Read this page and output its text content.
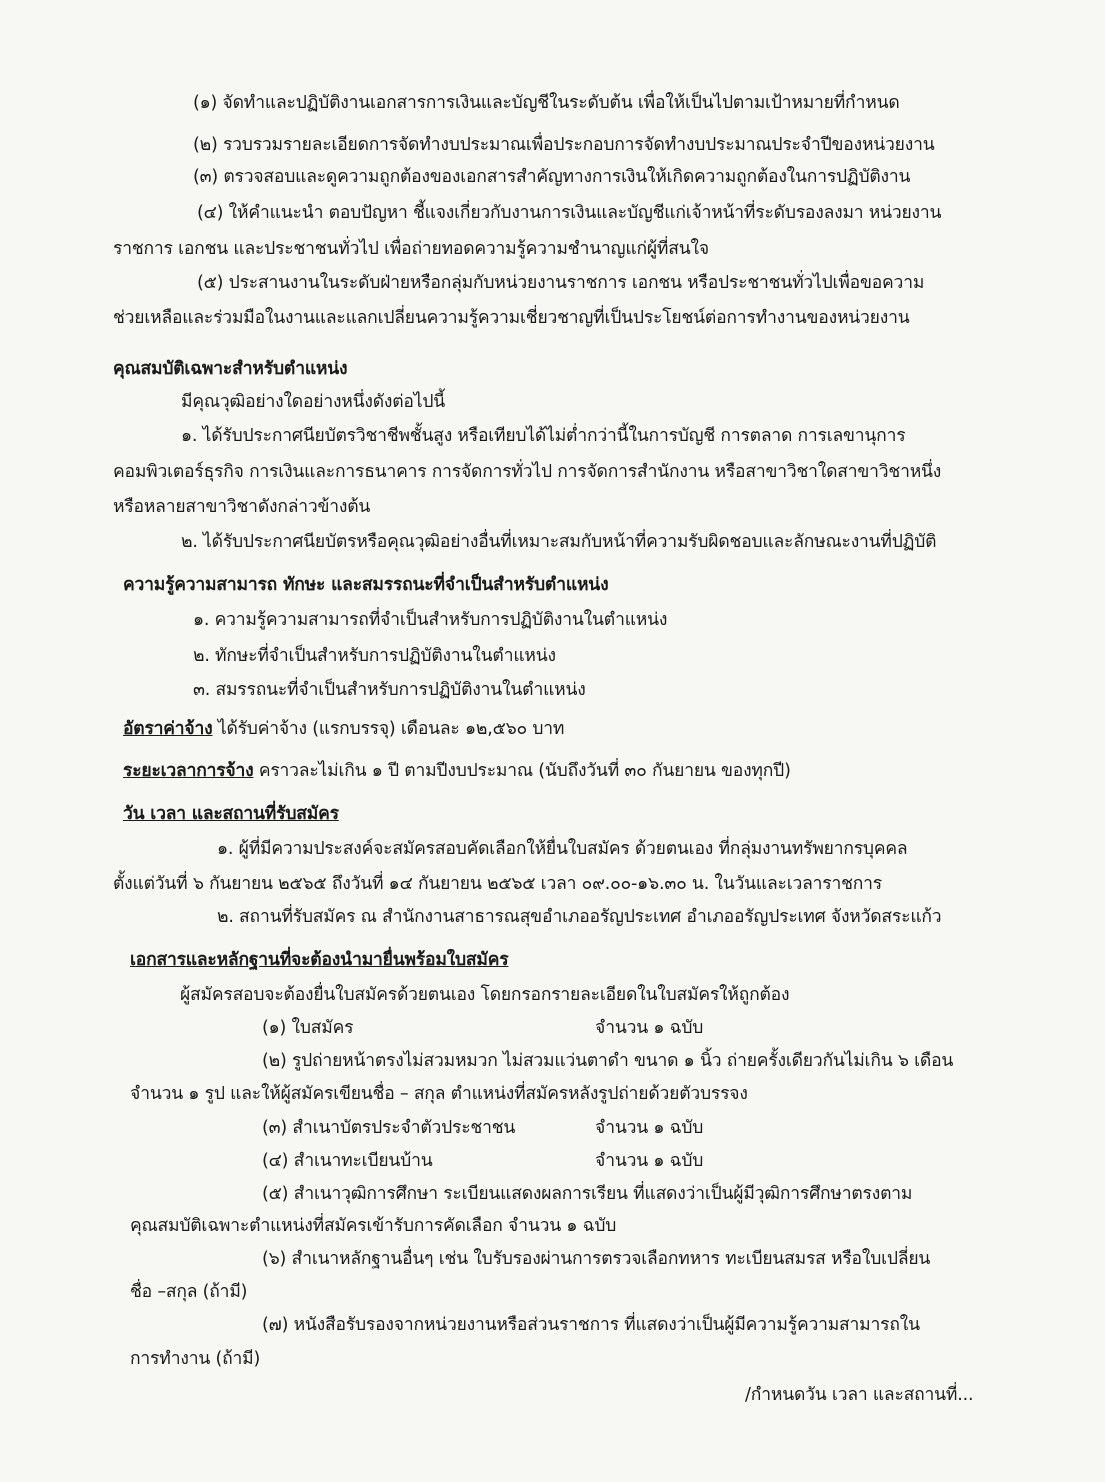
(๑) จัดทำและปฏิบัติงานเอกสารการเงินและบัญชีในระดับต้น เพื่อให้เป็นไปตามเป้าหมายที่กำหนด
(๒) รวบรวมรายละเอียดการจัดทำงบประมาณเพื่อประกอบการจัดทำงบประมาณประจำปีของหน่วยงาน
(๓) ตรวจสอบและดูความถูกต้องของเอกสารสำคัญทางการเงินให้เกิดความถูกต้องในการปฏิบัติงาน
(๔) ให้คำแนะนำ ตอบปัญหา ชี้แจงเกี่ยวกับงานการเงินและบัญชีแก่เจ้าหน้าที่ระดับรองลงมา หน่วยงาน
ราชการ เอกชน และประชาชนทั่วไป เพื่อถ่ายทอดความรู้ความชำนาญแก่ผู้ที่สนใจ
(๕) ประสานงานในระดับฝ่ายหรือกลุ่มกับหน่วยงานราชการ เอกชน หรือประชาชนทั่วไปเพื่อขอความ
ช่วยเหลือและร่วมมือในงานและแลกเปลี่ยนความรู้ความเชี่ยวชาญที่เป็นประโยชน์ต่อการทำงานของหน่วยงาน
คุณสมบัติเฉพาะสำหรับตำแหน่ง
มีคุณวุฒิอย่างใดอย่างหนึ่งดังต่อไปนี้
๑. ได้รับประกาศนียบัตรวิชาชีพชั้นสูง หรือเทียบได้ไม่ต่ำกว่านี้ในการบัญชี การตลาด การเลขานุการ
คอมพิวเตอร์ธุรกิจ การเงินและการธนาคาร การจัดการทั่วไป การจัดการสำนักงาน หรือสาขาวิชาใดสาขาวิชาหนึ่ง
หรือหลายสาขาวิชาดังกล่าวข้างต้น
๒. ได้รับประกาศนียบัตรหรือคุณวุฒิอย่างอื่นที่เหมาะสมกับหน้าที่ความรับผิดชอบและลักษณะงานที่ปฏิบัติ
ความรู้ความสามารถ ทักษะ และสมรรถนะที่จำเป็นสำหรับตำแหน่ง
๑. ความรู้ความสามารถที่จำเป็นสำหรับการปฏิบัติงานในตำแหน่ง
๒. ทักษะที่จำเป็นสำหรับการปฏิบัติงานในตำแหน่ง
๓. สมรรถนะที่จำเป็นสำหรับการปฏิบัติงานในตำแหน่ง
อัตราค่าจ้าง ได้รับค่าจ้าง (แรกบรรจุ) เดือนละ ๑๒,๕๖๐ บาท
ระยะเวลาการจ้าง คราวละไม่เกิน ๑ ปี ตามปีงบประมาณ (นับถึงวันที่ ๓๐ กันยายน ของทุกปี)
วัน เวลา และสถานที่รับสมัคร
๑. ผู้ที่มีความประสงค์จะสมัครสอบคัดเลือกให้ยื่นใบสมัคร ด้วยตนเอง ที่กลุ่มงานทรัพยากรบุคคล
ตั้งแต่วันที่ ๖ กันยายน ๒๕๖๕ ถึงวันที่ ๑๔ กันยายน ๒๕๖๕ เวลา ๐๙.๐๐-๑๖.๓๐ น. ในวันและเวลาราชการ
๒. สถานที่รับสมัคร ณ สำนักงานสาธารณสุขอำเภออรัญประเทศ อำเภออรัญประเทศ จังหวัดสระแก้ว
เอกสารและหลักฐานที่จะต้องนำมายื่นพร้อมใบสมัคร
ผู้สมัครสอบจะต้องยื่นใบสมัครด้วยตนเอง โดยกรอกรายละเอียดในใบสมัครให้ถูกต้อง
(๑) ใบสมัคร	จำนวน ๑ ฉบับ
(๒) รูปถ่ายหน้าตรงไม่สวมหมวก ไม่สวมแว่นตาดำ ขนาด ๑ นิ้ว ถ่ายครั้งเดียวกันไม่เกิน ๖ เดือน
จำนวน ๑ รูป และให้ผู้สมัครเขียนชื่อ – สกุล ตำแหน่งที่สมัครหลังรูปถ่ายด้วยตัวบรรจง
(๓) สำเนาบัตรประจำตัวประชาชน	จำนวน ๑ ฉบับ
(๔) สำเนาทะเบียนบ้าน	จำนวน ๑ ฉบับ
(๕) สำเนาวุฒิการศึกษา ระเบียนแสดงผลการเรียน ที่แสดงว่าเป็นผู้มีวุฒิการศึกษาตรงตาม
คุณสมบัติเฉพาะตำแหน่งที่สมัครเข้ารับการคัดเลือก จำนวน ๑ ฉบับ
(๖) สำเนาหลักฐานอื่นๆ เช่น ใบรับรองผ่านการตรวจเลือกทหาร ทะเบียนสมรส หรือใบเปลี่ยน
ชื่อ –สกุล (ถ้ามี)
(๗) หนังสือรับรองจากหน่วยงานหรือส่วนราชการ ที่แสดงว่าเป็นผู้มีความรู้ความสามารถใน
การทำงาน (ถ้ามี)
/กำหนดวัน เวลา และสถานที่...
